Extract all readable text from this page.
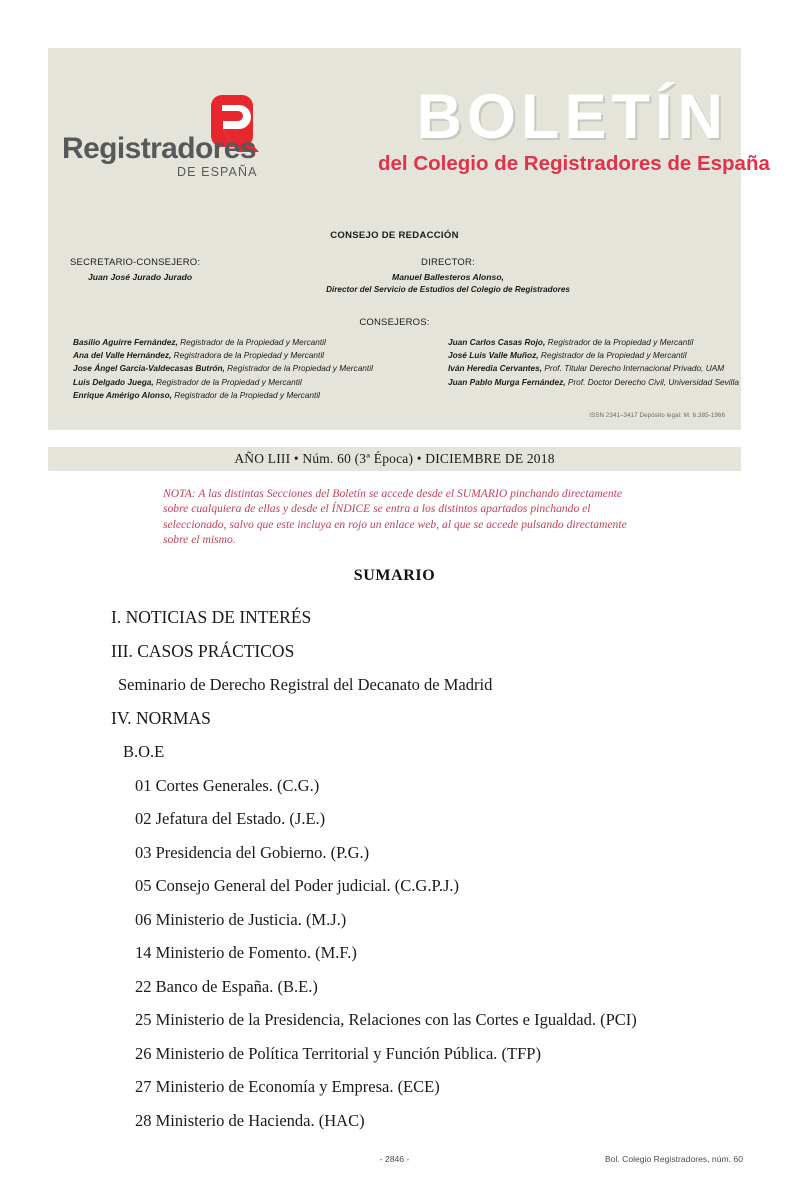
Registradores
DE ESPAÑA
BOLETÍN
del Colegio de Registradores de España
CONSEJO DE REDACCIÓN
SECRETARIO-CONSEJERO:
Juan José Jurado Jurado
DIRECTOR:
Manuel Ballesteros Alonso,
Director del Servicio de Estudios del Colegio de Registradores
CONSEJEROS:
Basilio Aguirre Fernández, Registrador de la Propiedad y Mercantil
Ana del Valle Hernández, Registradora de la Propiedad y Mercantil
Jose Ángel García-Valdecasas Butrón, Registrador de la Propiedad y Mercantil
Luis Delgado Juega, Registrador de la Propiedad y Mercantil
Enrique Amérigo Alonso, Registrador de la Propiedad y Mercantil
Juan Carlos Casas Rojo, Registrador de la Propiedad y Mercantil
José Luis Valle Muñoz, Registrador de la Propiedad y Mercantil
Iván Heredia Cervantes, Prof. Titular Derecho Internacional Privado, UAM
Juan Pablo Murga Fernández, Prof. Doctor Derecho Civil, Universidad Sevilla
ISSN 2341–3417 Depósito legal: M. 6.385-1966
AÑO LIII • Núm. 60 (3ª Época) • DICIEMBRE DE 2018
NOTA: A las distintas Secciones del Boletín se accede desde el SUMARIO pinchando directamente sobre cualquiera de ellas y desde el ÍNDICE se entra a los distintos apartados pinchando el seleccionado, salvo que este incluya en rojo un enlace web, al que se accede pulsando directamente sobre el mismo.
SUMARIO
I. NOTICIAS DE INTERÉS
III. CASOS PRÁCTICOS
Seminario de Derecho Registral del Decanato de Madrid
IV. NORMAS
B.O.E
01 Cortes Generales. (C.G.)
02 Jefatura del Estado. (J.E.)
03 Presidencia del Gobierno. (P.G.)
05 Consejo General del Poder judicial. (C.G.P.J.)
06 Ministerio de Justicia. (M.J.)
14 Ministerio de Fomento. (M.F.)
22 Banco de España. (B.E.)
25 Ministerio de la Presidencia, Relaciones con las Cortes e Igualdad. (PCI)
26 Ministerio de Política Territorial y Función Pública. (TFP)
27 Ministerio de Economía y Empresa. (ECE)
28 Ministerio de Hacienda. (HAC)
- 2846 -	Bol. Colegio Registradores, núm. 60
